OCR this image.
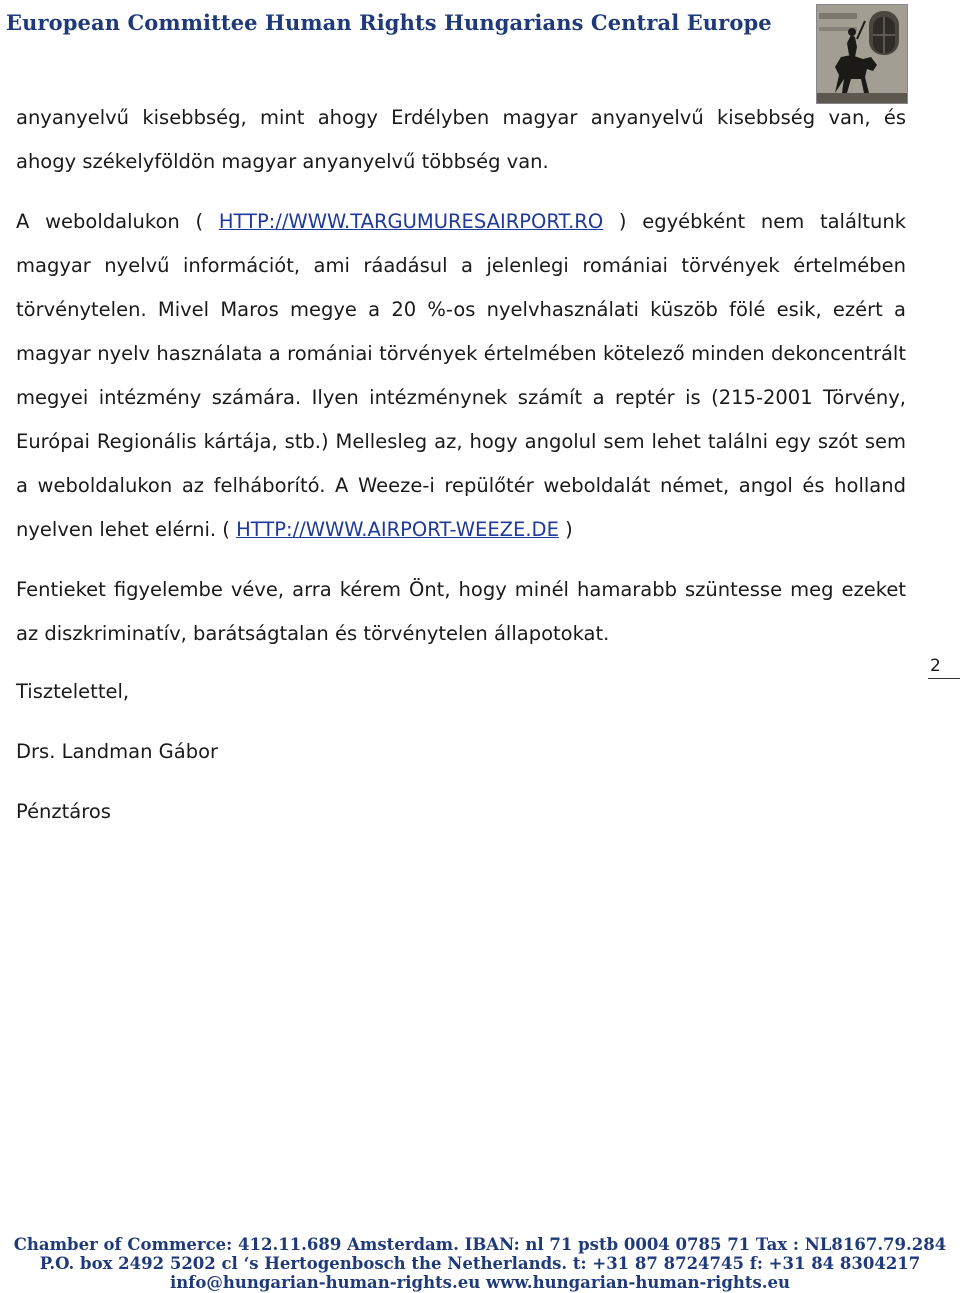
European Committee Human Rights Hungarians Central Europe

anyanyelvű kisebbség, mint ahogy Erdélyben magyar anyanyelvű kisebbség van, és ahogy székelyföldön magyar anyanyelvű többség van.

A weboldalukon ( HTTP://WWW.TARGUMURESAIRPORT.RO ) egyébként nem találtunk magyar nyelvű információt, ami ráadásul a jelenlegi romániai törvények értelmében törvénytelen. Mivel Maros megye a 20 %-os nyelvhasználati küszöb fölé esik, ezért a magyar nyelv használata a romániai törvények értelmében kötelező minden dekoncentrált megyei intézmény számára. Ilyen intézménynek számít a reptér is (215-2001 Törvény, Európai Regionális kártája, stb.) Mellesleg az, hogy angolul sem lehet találni egy szót sem a weboldalukon az felháborító. A Weeze-i repülőtér weboldalát német, angol és holland nyelven lehet elérni. ( HTTP://WWW.AIRPORT-WEEZE.DE )

Fentieket figyelembe véve, arra kérem Önt, hogy minél hamarabb szüntesse meg ezeket az diszkriminatív, barátságtalan és törvénytelen állapotokat.

2
Tisztelettel,
Drs. Landman Gábor
Pénztáros
Chamber of Commerce: 412.11.689 Amsterdam. IBAN: nl 71 pstb 0004 0785 71 Tax : NL8167.79.284
P.O. box 2492 5202 cl ‘s Hertogenbosch the Netherlands. t: +31 87 8724745 f: +31 84 8304217
info@hungarian-human-rights.eu www.hungarian-human-rights.eu
